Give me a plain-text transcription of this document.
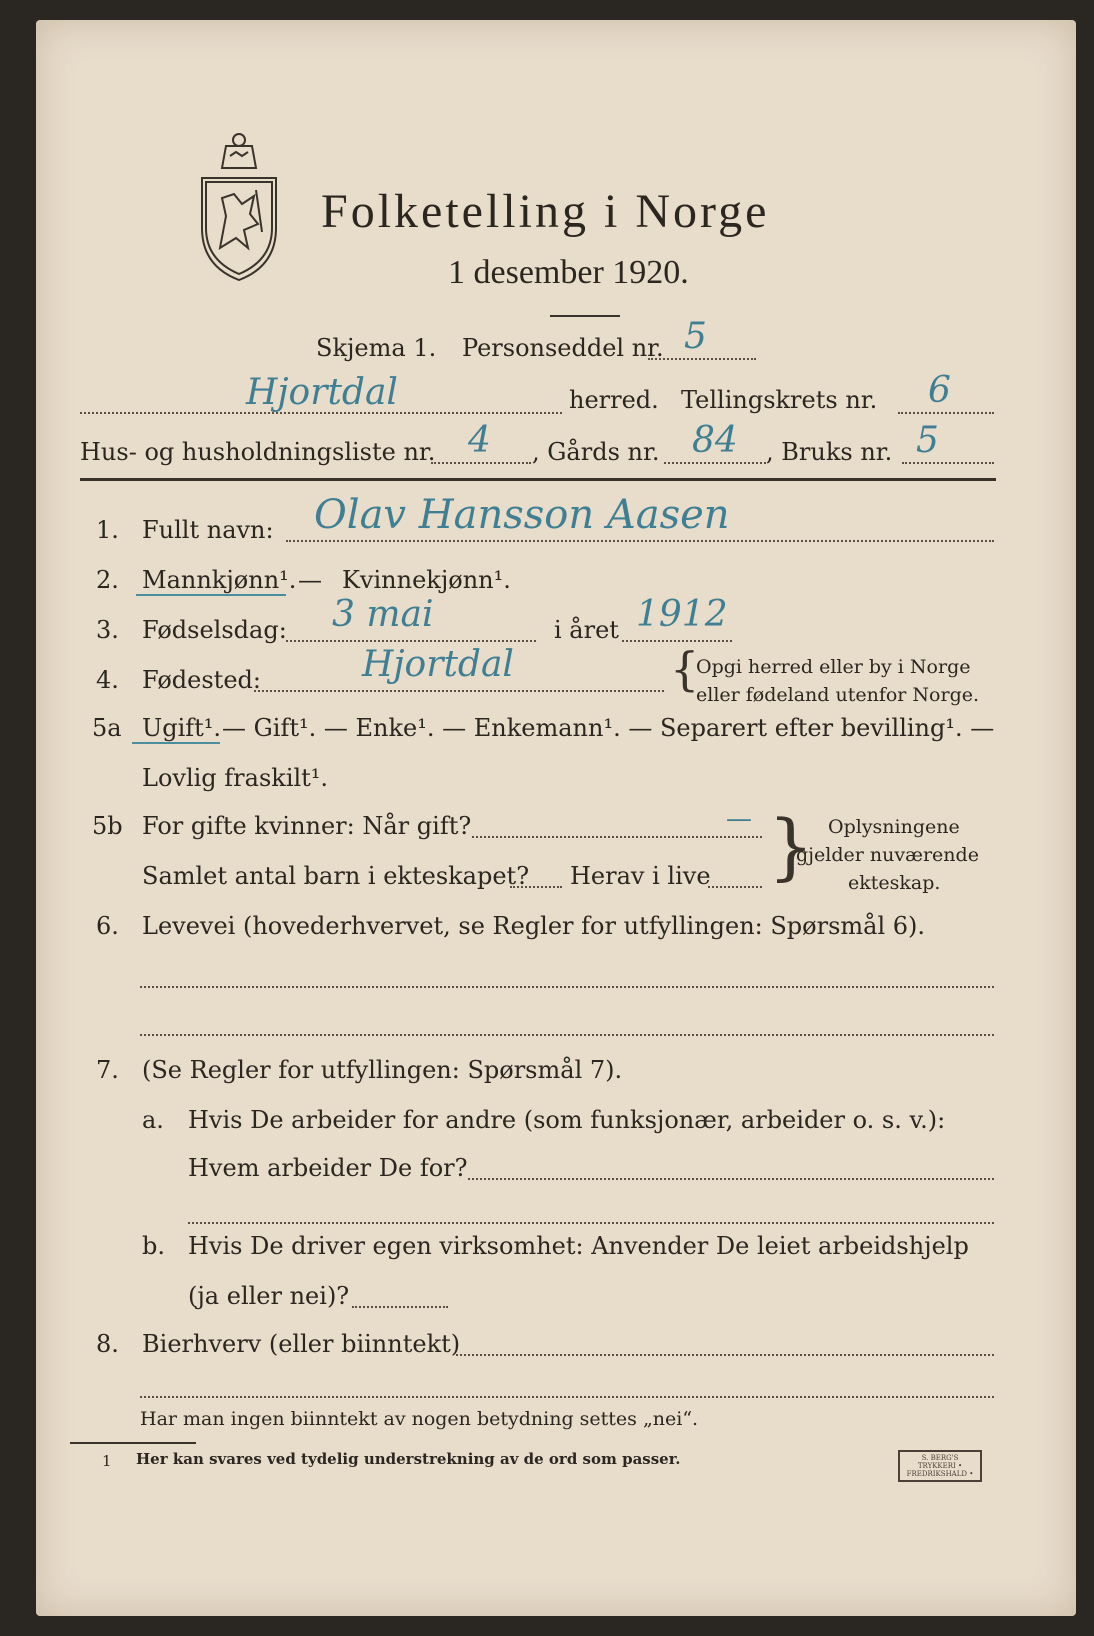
Folketelling i Norge
1 desember 1920.
Skjema 1. Personseddel nr. 5
Hjortdal	herred. Tellingskrets nr. 6
Hus- og husholdningsliste nr. 4 , Gårds nr. 84 , Bruks nr. 5
1. Fullt navn: Olav Hansson Aasen
2. Mannkjønn¹. — Kvinnekjønn¹.
3. Fødselsdag: 3 mai	i året 1912
4. Fødested:	Hjortdal	{
Opgi herred eller by i Norge
eller fødeland utenfor Norge.
5a Ugift¹. — Gift¹. — Enke¹. — Enkemann¹. — Separert efter bevilling¹. —
Lovlig fraskilt¹.
5b For gifte kvinner: Når gift?	—
Samlet antal barn i ekteskapet? Herav i live } Oplysningene
gjelder nuværende
ekteskap.
6. Levevei (hovederhvervet, se Regler for utfyllingen: Spørsmål 6).
7. (Se Regler for utfyllingen: Spørsmål 7).
a. Hvis De arbeider for andre (som funksjonær, arbeider o. s. v.):
Hvem arbeider De for?
b. Hvis De driver egen virksomhet: Anvender De leiet arbeidshjelp
(ja eller nei)?
8. Bierhverv (eller biinntekt)
Har man ingen biinntekt av nogen betydning settes „nei“.
1 Her kan svares ved tydelig understrekning av de ord som passer.	S. BERG'S TRYKKERI • FREDRIKSHALD •
